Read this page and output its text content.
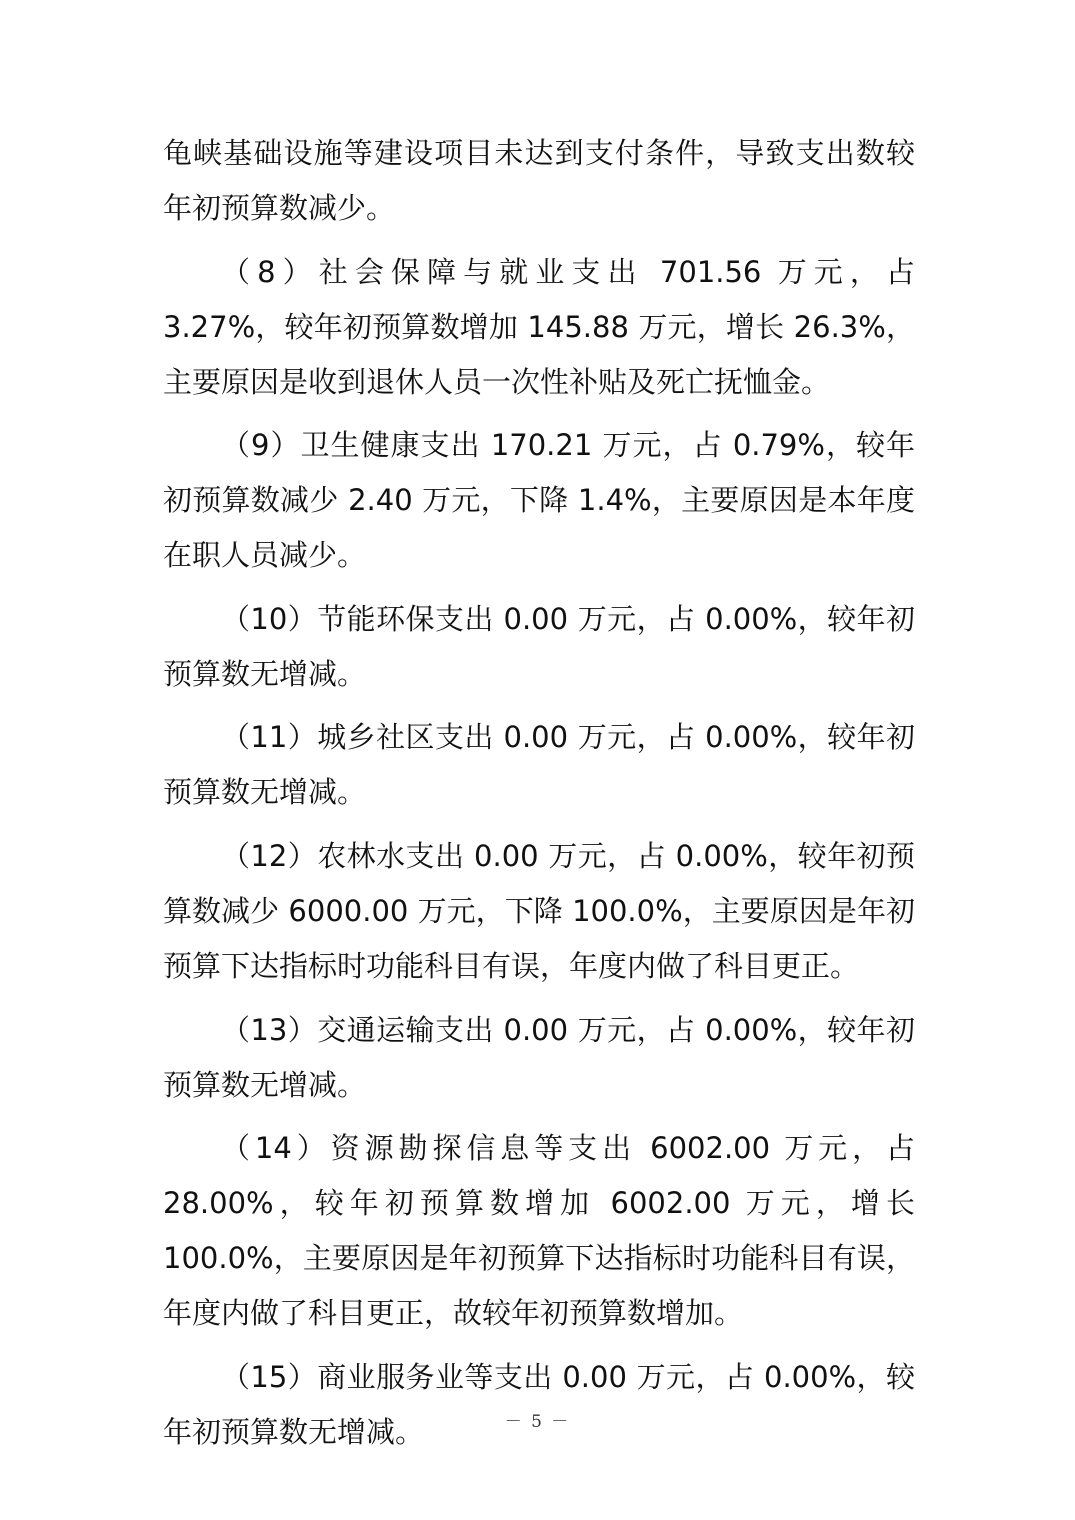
龟峡基础设施等建设项目未达到支付条件，导致支出数较年初预算数减少。

（8）社会保障与就业支出 701.56 万元，占 3.27%，较年初预算数增加 145.88 万元，增长 26.3%，主要原因是收到退休人员一次性补贴及死亡抚恤金。

（9）卫生健康支出 170.21 万元，占 0.79%，较年初预算数减少 2.40 万元，下降 1.4%，主要原因是本年度在职人员减少。

（10）节能环保支出 0.00 万元，占 0.00%，较年初预算数无增减。

（11）城乡社区支出 0.00 万元，占 0.00%，较年初预算数无增减。

（12）农林水支出 0.00 万元，占 0.00%，较年初预算数减少 6000.00 万元，下降 100.0%，主要原因是年初预算下达指标时功能科目有误，年度内做了科目更正。

（13）交通运输支出 0.00 万元，占 0.00%，较年初预算数无增减。

（14）资源勘探信息等支出 6002.00 万元，占 28.00%，较年初预算数增加 6002.00 万元，增长 100.0%，主要原因是年初预算下达指标时功能科目有误，年度内做了科目更正，故较年初预算数增加。

（15）商业服务业等支出 0.00 万元，占 0.00%，较年初预算数无增减。	－ 5 －
